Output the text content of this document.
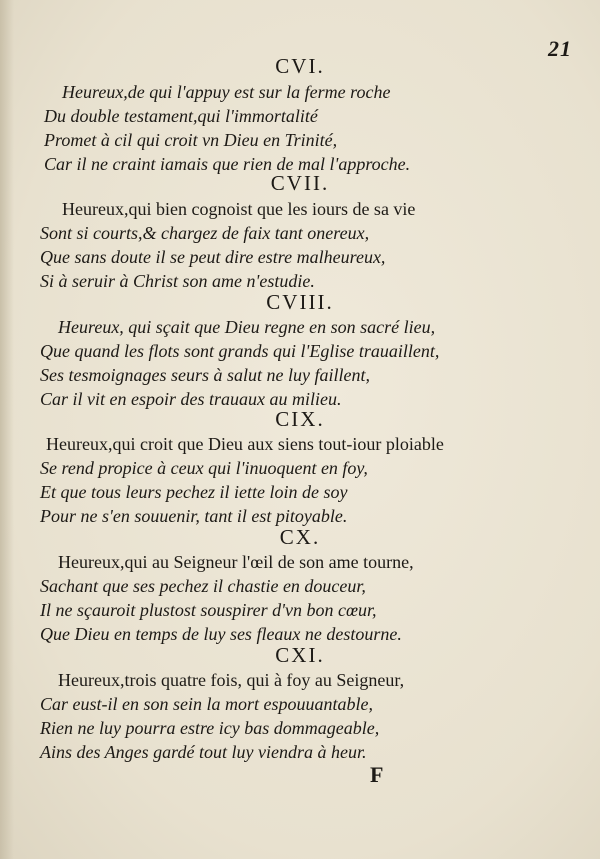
21
CVI.
Heureux,de qui l'appuy est sur la ferme roche
Du double testament,qui l'immortalité
Promet à cil qui croit vn Dieu en Trinité,
Car il ne craint iamais que rien de mal l'approche.
CVII.
Heureux,qui bien cognoist que les iours de sa vie
Sont si courts,& chargez de faix tant onereux,
Que sans doute il se peut dire estre malheureux,
Si à seruir à Christ son ame n'estudie.
CVIII.
Heureux, qui sçait que Dieu regne en son sacré lieu,
Que quand les flots sont grands qui l'Eglise trauaillent,
Ses tesmoignages seurs à salut ne luy faillent,
Car il vit en espoir des trauaux au milieu.
CIX.
Heureux,qui croit que Dieu aux siens tout-iour ploiable
Se rend propice à ceux qui l'inuoquent en foy,
Et que tous leurs pechez il iette loin de soy
Pour ne s'en souuenir, tant il est pitoyable.
CX.
Heureux,qui au Seigneur l'œil de son ame tourne,
Sachant que ses pechez il chastie en douceur,
Il ne sçauroit plustost souspirer d'vn bon cœur,
Que Dieu en temps de luy ses fleaux ne destourne.
CXI.
Heureux,trois quatre fois, qui à foy au Seigneur,
Car eust-il en son sein la mort espouuantable,
Rien ne luy pourra estre icy bas dommageable,
Ains des Anges gardé tout luy viendra à heur.
F
